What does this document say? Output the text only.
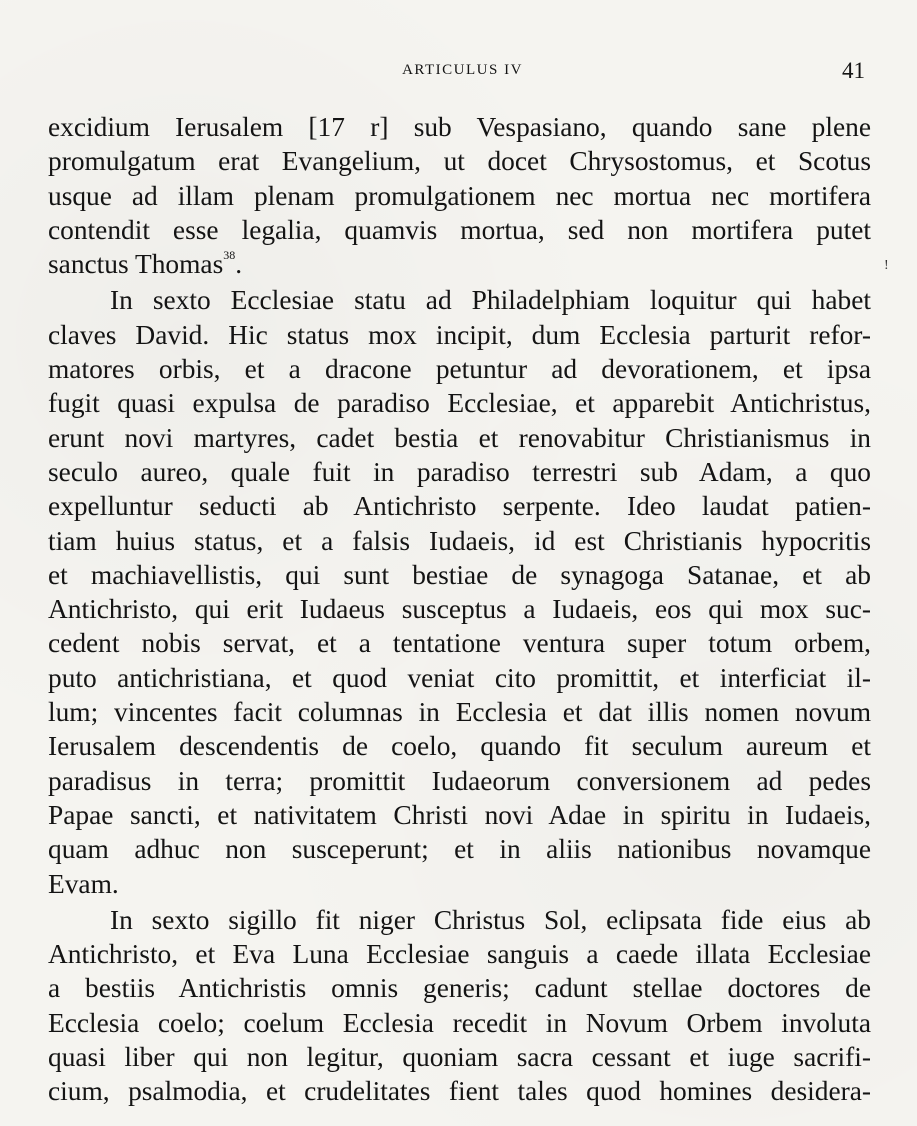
ARTICULUS IV	41
!
excidium Ierusalem [17 r] sub Vespasiano, quando sane plene
promulgatum erat Evangelium, ut docet Chrysostomus, et Scotus
usque ad illam plenam promulgationem nec mortua nec mortifera
contendit esse legalia, quamvis mortua, sed non mortifera putet
sanctus Thomas$^{38}$.
In sexto Ecclesiae statu ad Philadelphiam loquitur qui habet
claves David. Hic status mox incipit, dum Ecclesia parturit refor-
matores orbis, et a dracone petuntur ad devorationem, et ipsa
fugit quasi expulsa de paradiso Ecclesiae, et apparebit Antichristus,
erunt novi martyres, cadet bestia et renovabitur Christianismus in
seculo aureo, quale fuit in paradiso terrestri sub Adam, a quo
expelluntur seducti ab Antichristo serpente. Ideo laudat patien-
tiam huius status, et a falsis Iudaeis, id est Christianis hypocritis
et machiavellistis, qui sunt bestiae de synagoga Satanae, et ab
Antichristo, qui erit Iudaeus susceptus a Iudaeis, eos qui mox suc-
cedent nobis servat, et a tentatione ventura super totum orbem,
puto antichristiana, et quod veniat cito promittit, et interficiat il-
lum; vincentes facit columnas in Ecclesia et dat illis nomen novum
Ierusalem descendentis de coelo, quando fit seculum aureum et
paradisus in terra; promittit Iudaeorum conversionem ad pedes
Papae sancti, et nativitatem Christi novi Adae in spiritu in Iudaeis,
quam adhuc non susceperunt; et in aliis nationibus novamque
Evam.
In sexto sigillo fit niger Christus Sol, eclipsata fide eius ab
Antichristo, et Eva Luna Ecclesiae sanguis a caede illata Ecclesiae
a bestiis Antichristis omnis generis; cadunt stellae doctores de
Ecclesia coelo; coelum Ecclesia recedit in Novum Orbem involuta
quasi liber qui non legitur, quoniam sacra cessant et iuge sacrifi-
cium, psalmodia, et crudelitates fient tales quod homines desidera-
